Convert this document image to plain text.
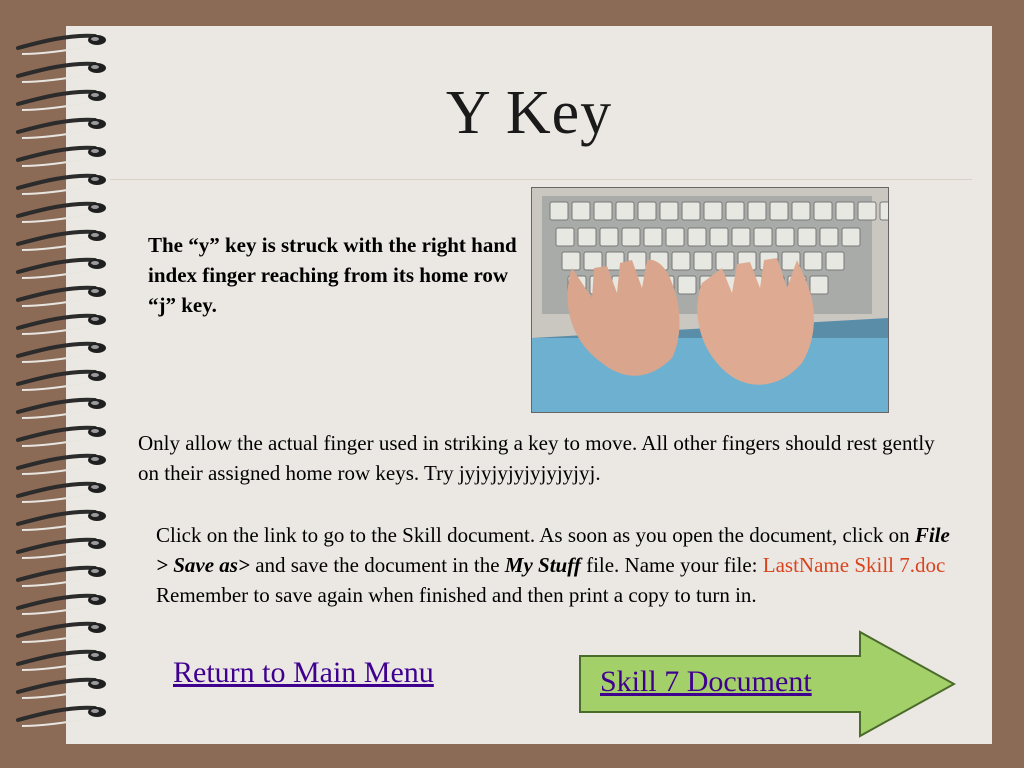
Y Key
The “y” key is struck with the right hand index finger reaching from its home row “j” key.
Only allow the actual finger used in striking a key to move. All other fingers should rest gently on their assigned home row keys. Try jyjyjyjyjyjyjyjyj.
Click on the link to go to the Skill document. As soon as you open the document, click on File > Save as> and save the document in the My Stuff file. Name your file: LastName Skill 7.doc Remember to save again when finished and then print a copy to turn in.
Return to Main Menu	Skill 7 Document
